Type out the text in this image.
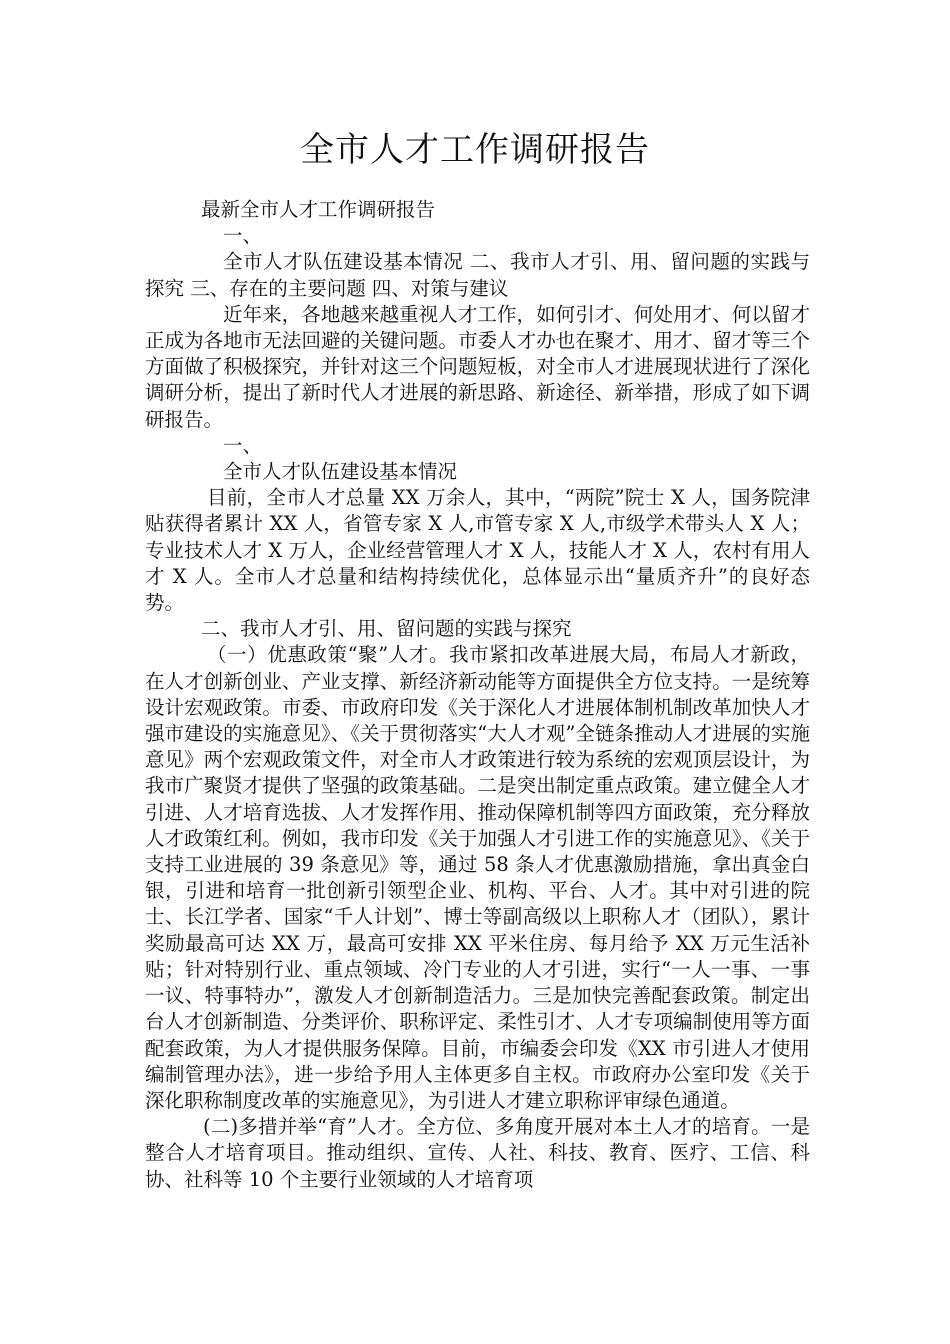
全市人才工作调研报告

最新全市人才工作调研报告

一、

全市人才队伍建设基本情况 二、我市人才引、用、留问题的实践与探究 三、存在的主要问题 四、对策与建议

近年来，各地越来越重视人才工作，如何引才、何处用才、何以留才正成为各地市无法回避的关键问题。市委人才办也在聚才、用才、留才等三个方面做了积极探究，并针对这三个问题短板，对全市人才进展现状进行了深化调研分析，提出了新时代人才进展的新思路、新途径、新举措，形成了如下调研报告。

一、

全市人才队伍建设基本情况

目前，全市人才总量 XX 万余人，其中，“两院”院士 X 人，国务院津贴获得者累计 XX 人，省管专家 X 人,市管专家 X 人,市级学术带头人 X 人；专业技术人才 X 万人，企业经营管理人才 X 人，技能人才 X 人，农村有用人才 X 人。全市人才总量和结构持续优化，总体显示出“量质齐升”的良好态势。

二、我市人才引、用、留问题的实践与探究

（一）优惠政策“聚”人才。我市紧扣改革进展大局，布局人才新政，在人才创新创业、产业支撑、新经济新动能等方面提供全方位支持。一是统筹设计宏观政策。市委、市政府印发《关于深化人才进展体制机制改革加快人才强市建设的实施意见》、《关于贯彻落实“大人才观”全链条推动人才进展的实施意见》两个宏观政策文件，对全市人才政策进行较为系统的宏观顶层设计，为我市广聚贤才提供了坚强的政策基础。二是突出制定重点政策。建立健全人才引进、人才培育选拔、人才发挥作用、推动保障机制等四方面政策，充分释放人才政策红利。例如，我市印发《关于加强人才引进工作的实施意见》、《关于支持工业进展的 39 条意见》等，通过 58 条人才优惠激励措施，拿出真金白银，引进和培育一批创新引领型企业、机构、平台、人才。其中对引进的院士、长江学者、国家“千人计划”、博士等副高级以上职称人才（团队），累计奖励最高可达 XX 万，最高可安排 XX 平米住房、每月给予 XX 万元生活补贴；针对特别行业、重点领域、冷门专业的人才引进，实行“一人一事、一事一议、特事特办”，激发人才创新制造活力。三是加快完善配套政策。制定出台人才创新制造、分类评价、职称评定、柔性引才、人才专项编制使用等方面配套政策，为人才提供服务保障。目前，市编委会印发《XX 市引进人才使用编制管理办法》，进一步给予用人主体更多自主权。市政府办公室印发《关于深化职称制度改革的实施意见》，为引进人才建立职称评审绿色通道。

(二)多措并举“育”人才。全方位、多角度开展对本土人才的培育。一是整合人才培育项目。推动组织、宣传、人社、科技、教育、医疗、工信、科协、社科等 10 个主要行业领域的人才培育项
